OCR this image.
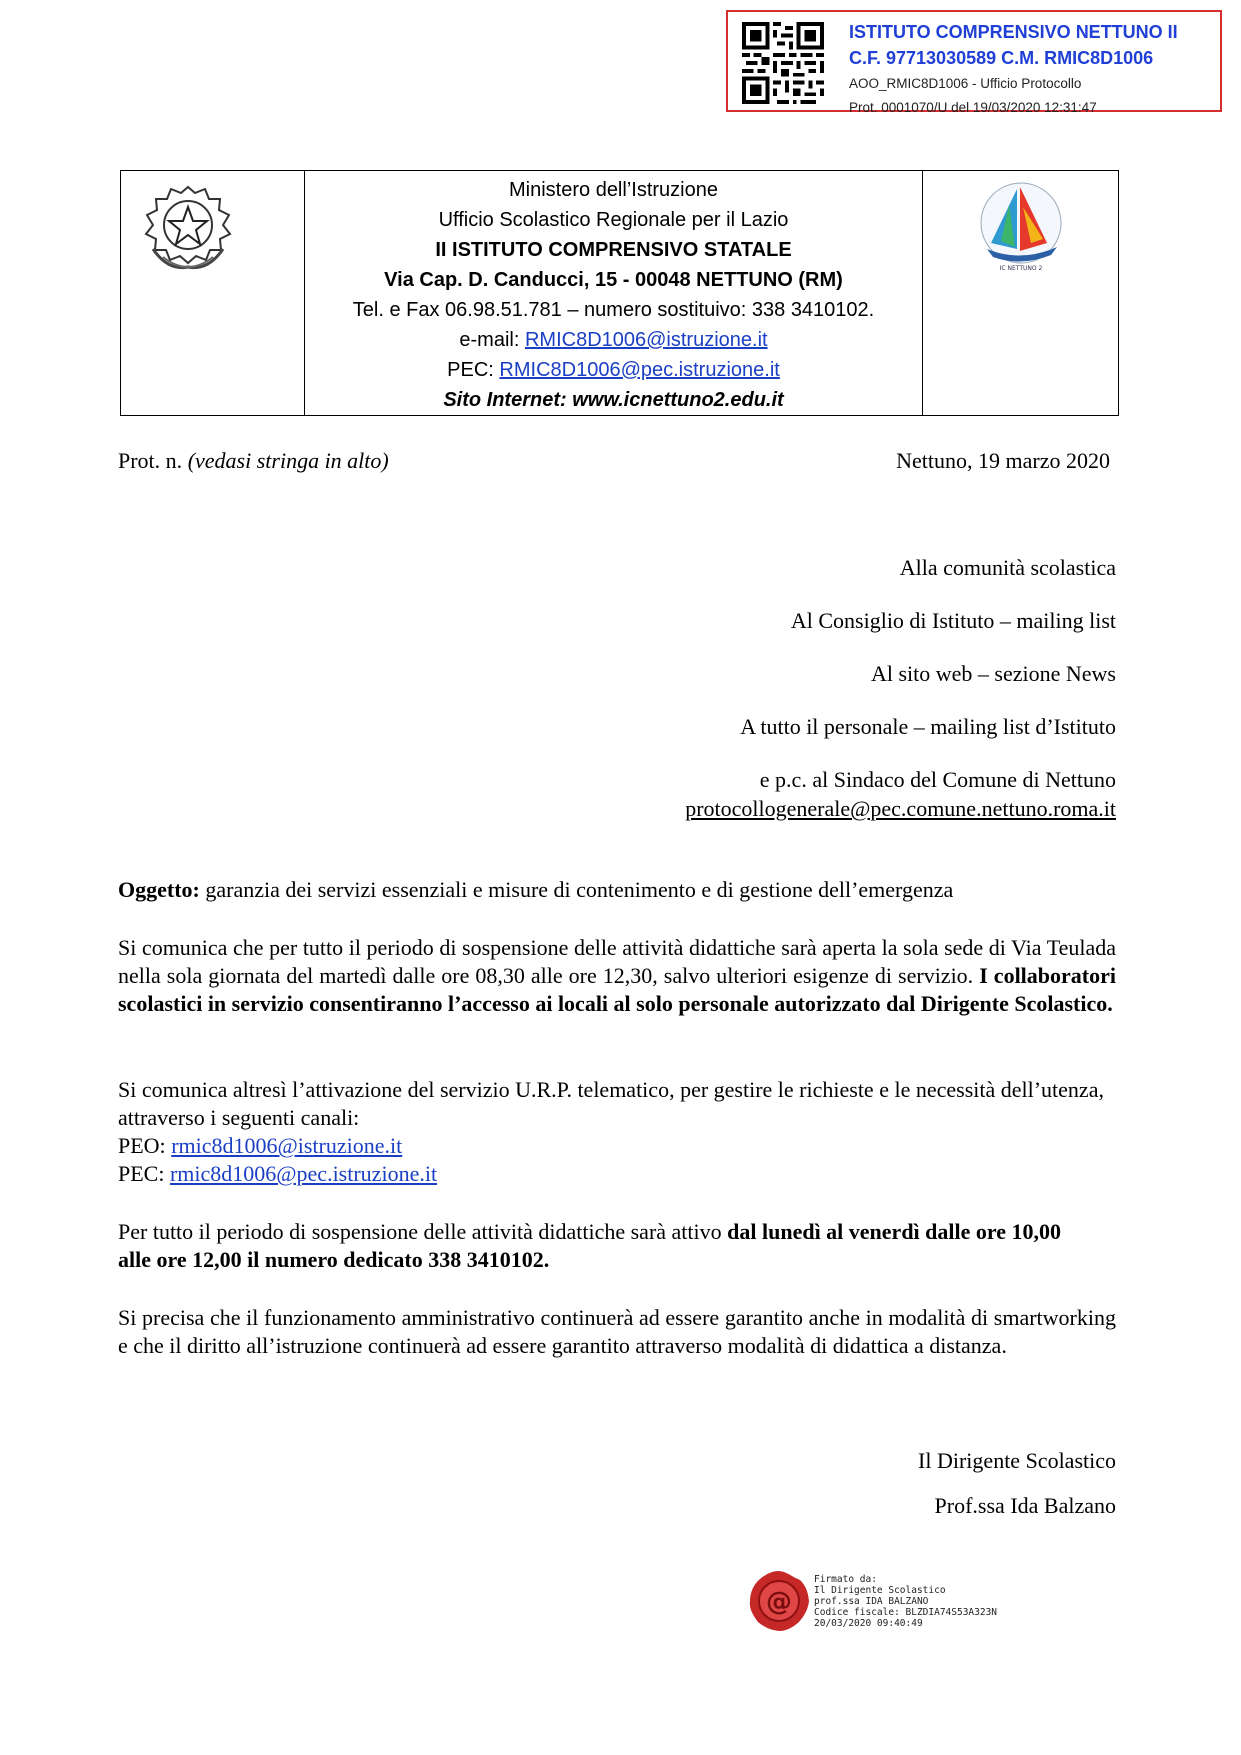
ISTITUTO COMPRENSIVO NETTUNO II
C.F. 97713030589 C.M. RMIC8D1006
AOO_RMIC8D1006 - Ufficio Protocollo
Prot. 0001070/U del 19/03/2020 12:31:47
Ministero dell’Istruzione
Ufficio Scolastico Regionale per il Lazio
II ISTITUTO COMPRENSIVO STATALE
Via Cap. D. Canducci, 15 - 00048 NETTUNO (RM)
Tel. e Fax 06.98.51.781 – numero sostituivo: 338 3410102.
e-mail: RMIC8D1006@istruzione.it
PEC: RMIC8D1006@pec.istruzione.it
Sito Internet: www.icnettuno2.edu.it
IC NETTUNO 2
Prot. n. (vedasi stringa in alto)	Nettuno, 19 marzo 2020
Alla comunità scolastica
Al Consiglio di Istituto – mailing list
Al sito web – sezione News
A tutto il personale – mailing list d’Istituto
e p.c. al Sindaco del Comune di Nettuno
protocollogenerale@pec.comune.nettuno.roma.it
Oggetto: garanzia dei servizi essenziali e misure di contenimento e di gestione dell’emergenza
Si comunica che per tutto il periodo di sospensione delle attività didattiche sarà aperta la sola sede di Via Teulada nella sola giornata del martedì dalle ore 08,30 alle ore 12,30, salvo ulteriori esigenze di servizio. I collaboratori scolastici in servizio consentiranno l’accesso ai locali al solo personale autorizzato dal Dirigente Scolastico.
Si comunica altresì l’attivazione del servizio U.R.P. telematico, per gestire le richieste e le necessità dell’utenza, attraverso i seguenti canali:
PEO: rmic8d1006@istruzione.it
PEC: rmic8d1006@pec.istruzione.it
Per tutto il periodo di sospensione delle attività didattiche sarà attivo dal lunedì al venerdì dalle ore 10,00 alle ore 12,00 il numero dedicato 338 3410102.
Si precisa che il funzionamento amministrativo continuerà ad essere garantito anche in modalità di smartworking e che il diritto all’istruzione continuerà ad essere garantito attraverso modalità di didattica a distanza.
Il Dirigente Scolastico
Prof.ssa Ida Balzano
@
Firmato da:
Il Dirigente Scolastico
prof.ssa IDA BALZANO
Codice fiscale: BLZDIA74S53A323N
20/03/2020 09:40:49
